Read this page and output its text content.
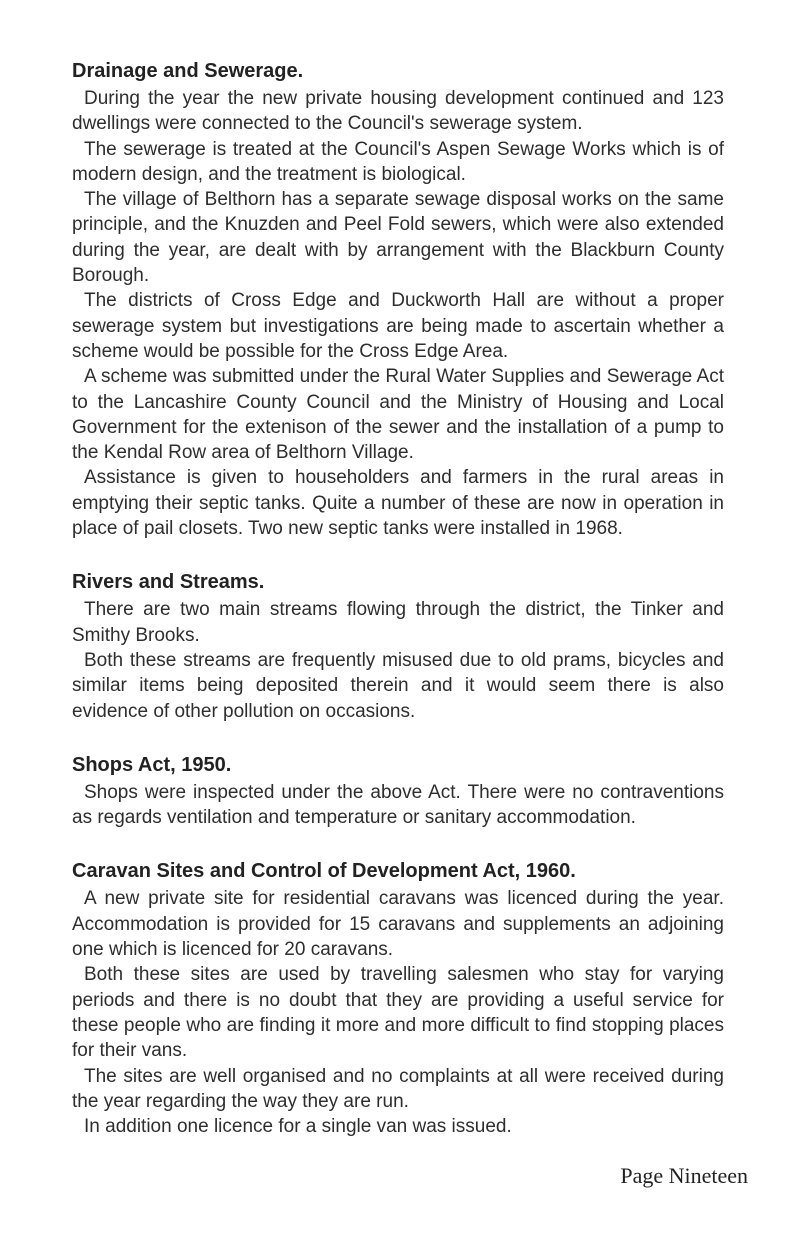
Drainage and Sewerage.

During the year the new private housing development continued and 123 dwellings were connected to the Council's sewerage system.

The sewerage is treated at the Council's Aspen Sewage Works which is of modern design, and the treatment is biological.

The village of Belthorn has a separate sewage disposal works on the same principle, and the Knuzden and Peel Fold sewers, which were also extended during the year, are dealt with by arrangement with the Blackburn County Borough.

The districts of Cross Edge and Duckworth Hall are without a proper sewerage system but investigations are being made to ascertain whether a scheme would be possible for the Cross Edge Area.

A scheme was submitted under the Rural Water Supplies and Sewerage Act to the Lancashire County Council and the Ministry of Housing and Local Government for the extenison of the sewer and the installation of a pump to the Kendal Row area of Belthorn Village.

Assistance is given to householders and farmers in the rural areas in emptying their septic tanks. Quite a number of these are now in operation in place of pail closets. Two new septic tanks were installed in 1968.

Rivers and Streams.

There are two main streams flowing through the district, the Tinker and Smithy Brooks.

Both these streams are frequently misused due to old prams, bicycles and similar items being deposited therein and it would seem there is also evidence of other pollution on occasions.

Shops Act, 1950.

Shops were inspected under the above Act. There were no contraventions as regards ventilation and temperature or sanitary accommodation.

Caravan Sites and Control of Development Act, 1960.

A new private site for residential caravans was licenced during the year. Accommodation is provided for 15 caravans and supplements an adjoining one which is licenced for 20 caravans.

Both these sites are used by travelling salesmen who stay for varying periods and there is no doubt that they are providing a useful service for these people who are finding it more and more difficult to find stopping places for their vans.

The sites are well organised and no complaints at all were received during the year regarding the way they are run.

In addition one licence for a single van was issued.

Page Nineteen
